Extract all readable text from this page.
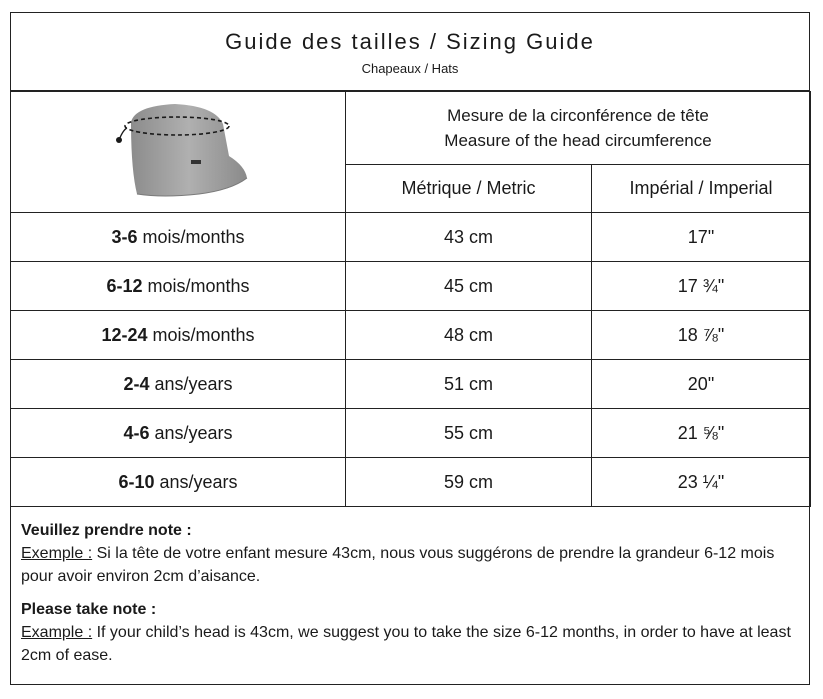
Guide des tailles / Sizing Guide
Chapeaux / Hats

Mesure de la circonférence de tête
Measure of the head circumference	

	Métrique / Metric	Impérial / Imperial
3-6 mois/months	43 cm	17"
6-12 mois/months	45 cm	17 ¾"
12-24 mois/months	48 cm	18 ⅞"
2-4 ans/years	51 cm	20"
4-6 ans/years	55 cm	21 ⅝"
6-10 ans/years	59 cm	23 ¼"
Veuillez prendre note :
Exemple : Si la tête de votre enfant mesure 43cm, nous vous suggérons de prendre la grandeur 6-12 mois pour avoir environ 2cm d’aisance.
Please take note :
Example : If your child’s head is 43cm, we suggest you to take the size 6-12 months, in order to have at least 2cm of ease.
